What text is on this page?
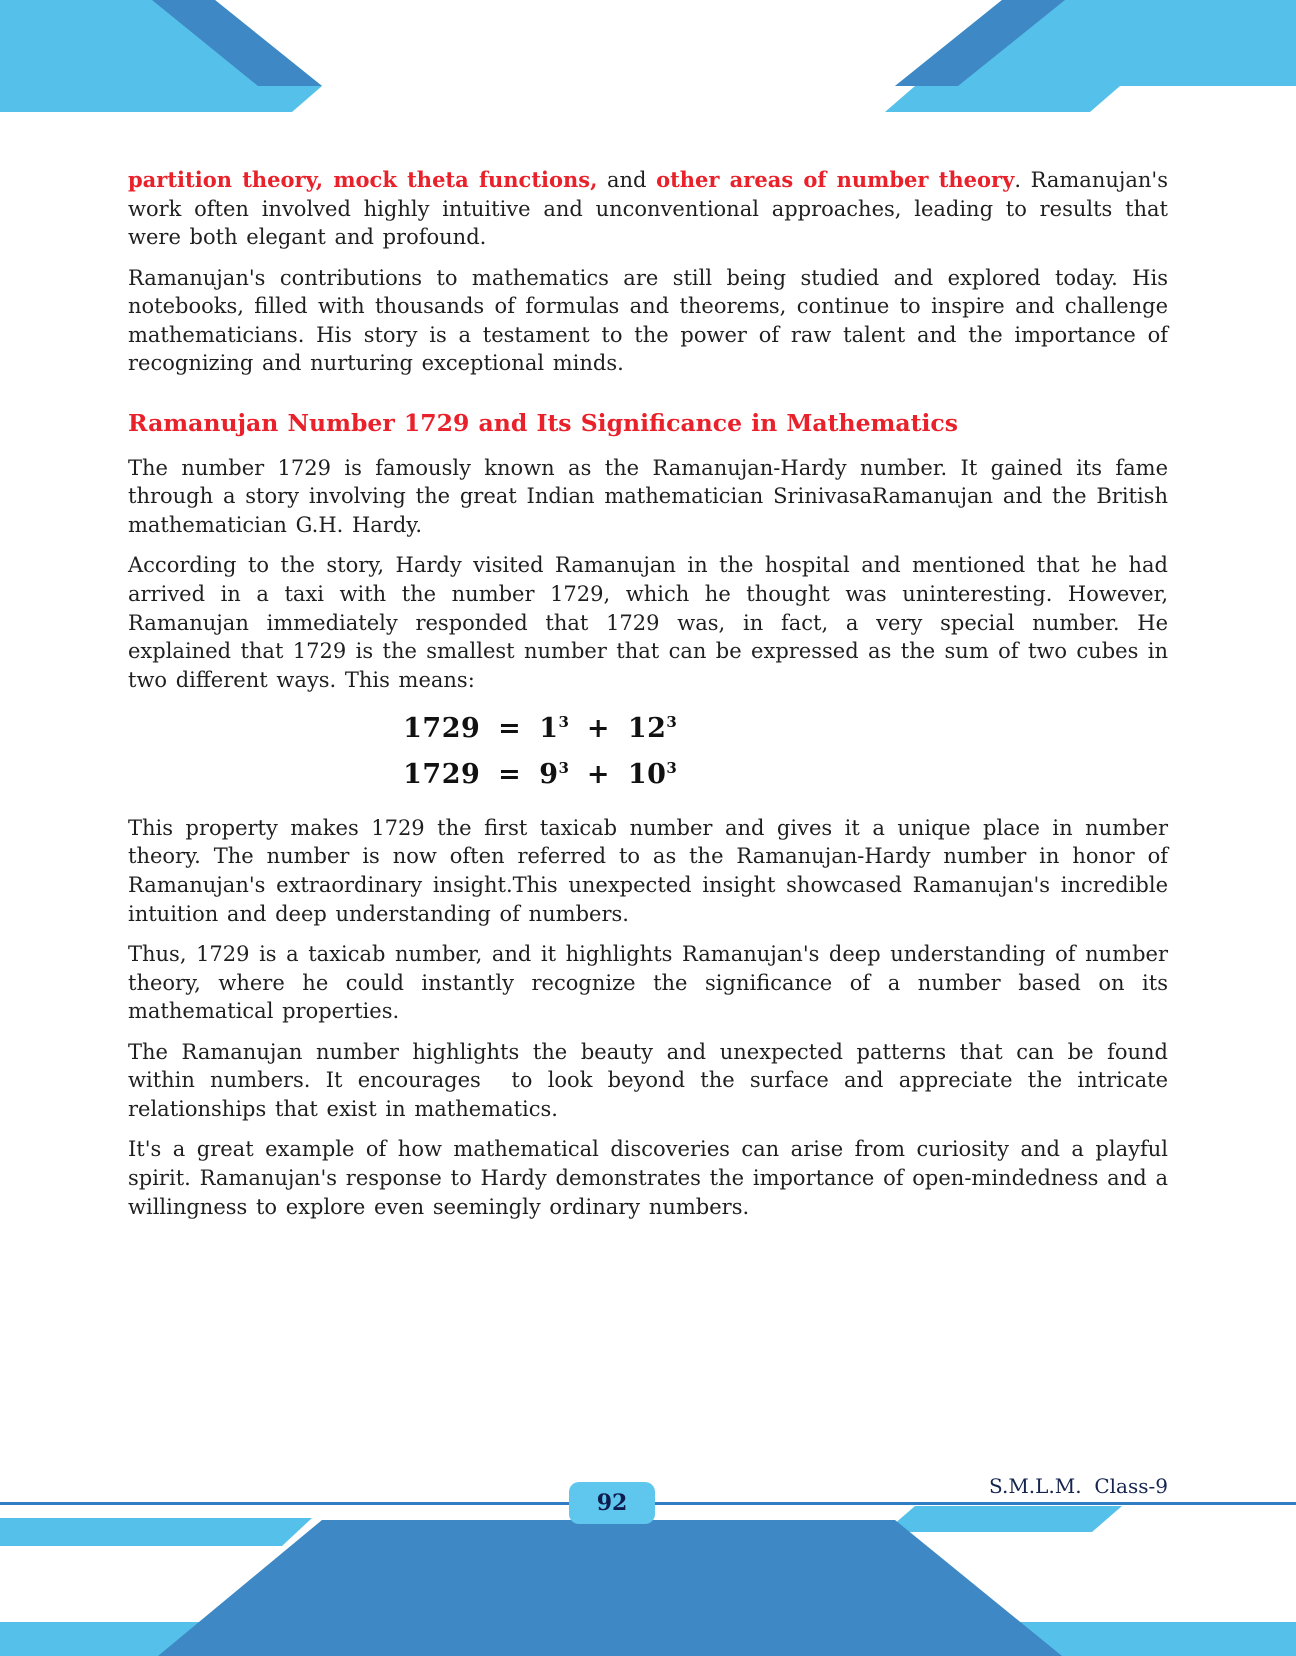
partition theory, mock theta functions, and other areas of number theory. Ramanujan's work often involved highly intuitive and unconventional approaches, leading to results that were both elegant and profound.

Ramanujan's contributions to mathematics are still being studied and explored today. His notebooks, filled with thousands of formulas and theorems, continue to inspire and challenge mathematicians. His story is a testament to the power of raw talent and the importance of recognizing and nurturing exceptional minds.

Ramanujan Number 1729 and Its Significance in Mathematics

The number 1729 is famously known as the Ramanujan-Hardy number. It gained its fame through a story involving the great Indian mathematician SrinivasaRamanujan and the British mathematician G.H. Hardy.

According to the story, Hardy visited Ramanujan in the hospital and mentioned that he had arrived in a taxi with the number 1729, which he thought was uninteresting. However, Ramanujan immediately responded that 1729 was, in fact, a very special number. He explained that 1729 is the smallest number that can be expressed as the sum of two cubes in two different ways. This means:

$1729 = 1^3 + 12^3$
$1729 = 9^3 + 10^3$

This property makes 1729 the first taxicab number and gives it a unique place in number theory. The number is now often referred to as the Ramanujan-Hardy number in honor of Ramanujan's extraordinary insight.This unexpected insight showcased Ramanujan's incredible intuition and deep understanding of numbers.

Thus, 1729 is a taxicab number, and it highlights Ramanujan's deep understanding of number theory, where he could instantly recognize the significance of a number based on its mathematical properties.

The Ramanujan number highlights the beauty and unexpected patterns that can be found within numbers. It encourages  to look beyond the surface and appreciate the intricate relationships that exist in mathematics.

It's a great example of how mathematical discoveries can arise from curiosity and a playful spirit. Ramanujan's response to Hardy demonstrates the importance of open-mindedness and a willingness to explore even seemingly ordinary numbers.

S.M.L.M.  Class-9
92
